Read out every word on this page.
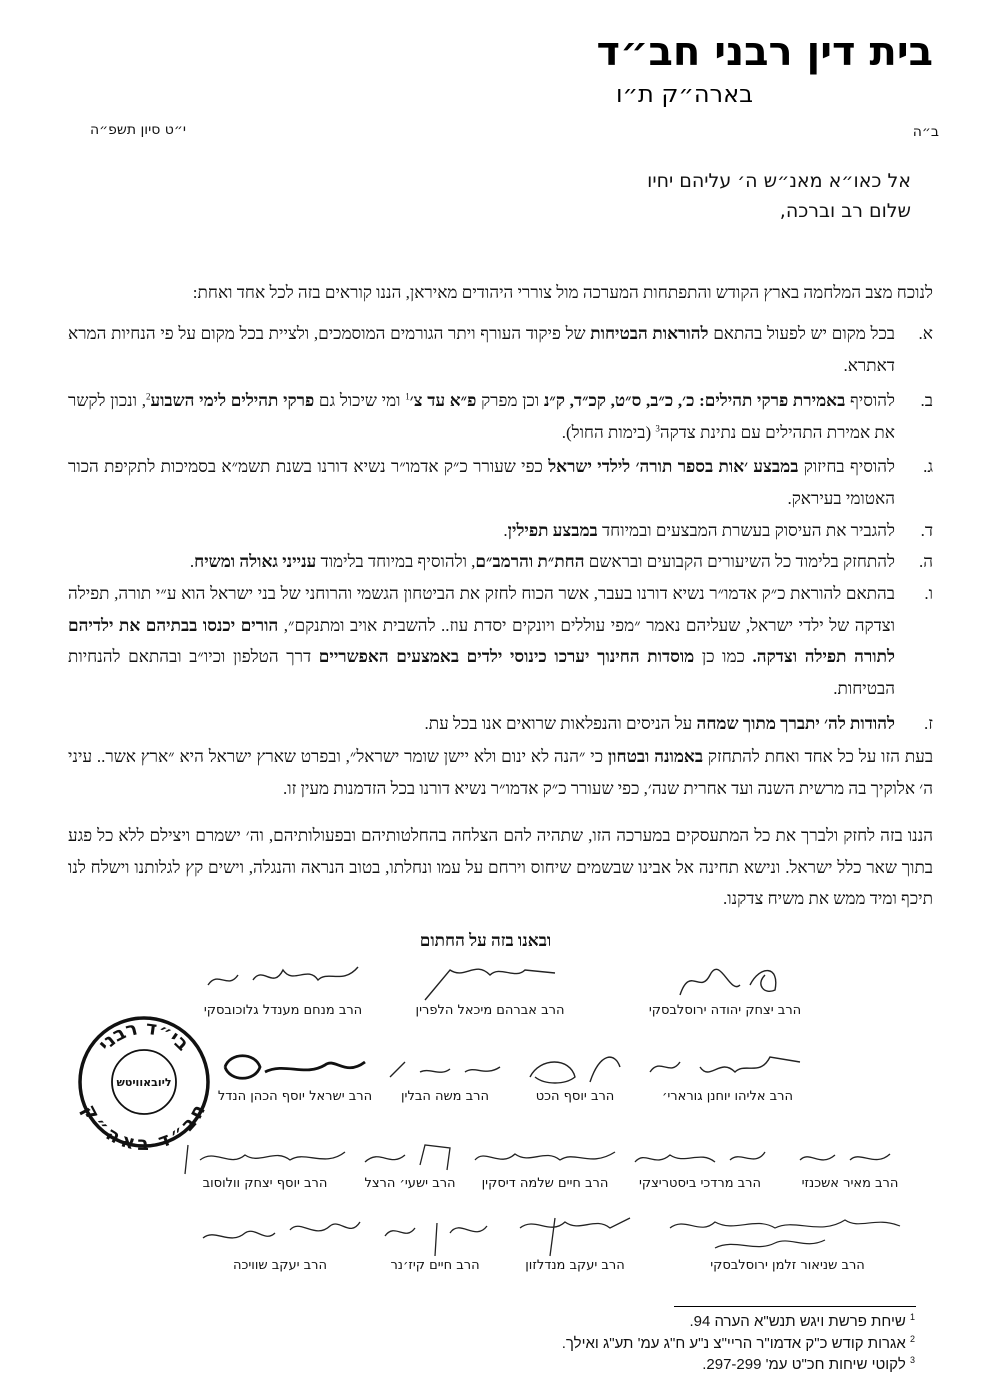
בית דין רבני חב״ד
בארה״ק ת״ו
ב״ה
י״ט סיון תשפ״ה
אל כאו״א מאנ״ש ה׳ עליהם יחיו
שלום רב וברכה,
לנוכח מצב המלחמה בארץ הקודש והתפתחות המערכה מול צוררי היהודים מאיראן, הננו קוראים בזה לכל אחד ואחת:
א.
בכל מקום יש לפעול בהתאם להוראות הבטיחות של פיקוד העורף ויתר הגורמים המוסמכים, ולציית בכל מקום על פי הנחיות המרא דאתרא.
ב.
להוסיף באמירת פרקי תהילים: כ׳, כ״ב, ס״ט, קכ״ד, ק״נ וכן מפרק פ״א עד צ׳$^1$ ומי שיכול גם פרקי תהילים לימי השבוע$^2$, ונכון לקשר את אמירת התהילים עם נתינת צדקה$^3$ (בימות החול).
ג.
להוסיף בחיזוק במבצע ׳אות בספר תורה׳ לילדי ישראל כפי שעורר כ״ק אדמו״ר נשיא דורנו בשנת תשמ״א בסמיכות לתקיפת הכור האטומי בעיראק.
ד.
להגביר את העיסוק בעשרת המבצעים ובמיוחד במבצע תפילין.
ה.
להתחזק בלימוד כל השיעורים הקבועים ובראשם החת״ת והרמב״ם, ולהוסיף במיוחד בלימוד ענייני גאולה ומשיח.
ו.
בהתאם להוראת כ״ק אדמו״ר נשיא דורנו בעבר, אשר הכוח לחזק את הביטחון הגשמי והרוחני של בני ישראל הוא ע״י תורה, תפילה וצדקה של ילדי ישראל, שעליהם נאמר ״מפי עוללים ויונקים יסדת עוז.. להשבית אויב ומתנקם״, הורים יכנסו בבתיהם את ילדיהם לתורה תפילה וצדקה. כמו כן מוסדות החינוך יערכו כינוסי ילדים באמצעים האפשריים דרך הטלפון וכיו״ב ובהתאם להנחיות הבטיחות.
ז.
להודות לה׳ יתברך מתוך שמחה על הניסים והנפלאות שרואים אנו בכל עת.
בעת הזו על כל אחד ואחת להתחזק באמונה ובטחון כי ״הנה לא ינום ולא יישן שומר ישראל״, ובפרט שארץ ישראל היא ״ארץ אשר.. עיני ה׳ אלוקיך בה מרשית השנה ועד אחרית שנה׳, כפי שעורר כ״ק אדמו״ר נשיא דורנו בכל הזדמנות מעין זו.
הננו בזה לחזק ולברך את כל המתעסקים במערכה הזו, שתהיה להם הצלחה בהחלטותיהם ובפעולותיהם, וה׳ ישמרם ויצילם ללא כל פגע בתוך שאר כלל ישראל. ונישא תחינה אל אבינו שבשמים שיחוס וירחם על עמו ונחלתו, בטוב הנראה והנגלה, וישים קץ לגלותנו וישלח לנו תיכף ומיד ממש את משיח צדקנו.
ובאנו בזה על החתום
בי״ד רבני
חב״ד באה״ק
ליובאוויטש
הרב יצחק יהודה ירוסלבסקי
הרב אברהם מיכאל הלפרין
הרב מנחם מענדל גלוכובסקי
הרב אליהו יוחנן גורארי׳
הרב יוסף הכט
הרב משה הבלין
הרב ישראל יוסף הכהן הנדל
הרב מאיר אשכנזי
הרב מרדכי ביסטריצקי
הרב חיים שלמה דיסקין
הרב ישעי׳ הרצל
הרב יוסף יצחק וולוסוב
הרב שניאור זלמן ירוסלבסקי
הרב יעקב מנדלזון
הרב חיים קיז׳נר
הרב יעקב שוויכה
$^1$ שיחת פרשת ויגש תנש"א הערה 94.
$^2$ אגרות קודש כ"ק אדמו"ר הריי"צ נ"ע ח"ג עמ' תע"ג ואילך.
$^3$ לקוטי שיחות חכ"ט עמ' 297-299.
